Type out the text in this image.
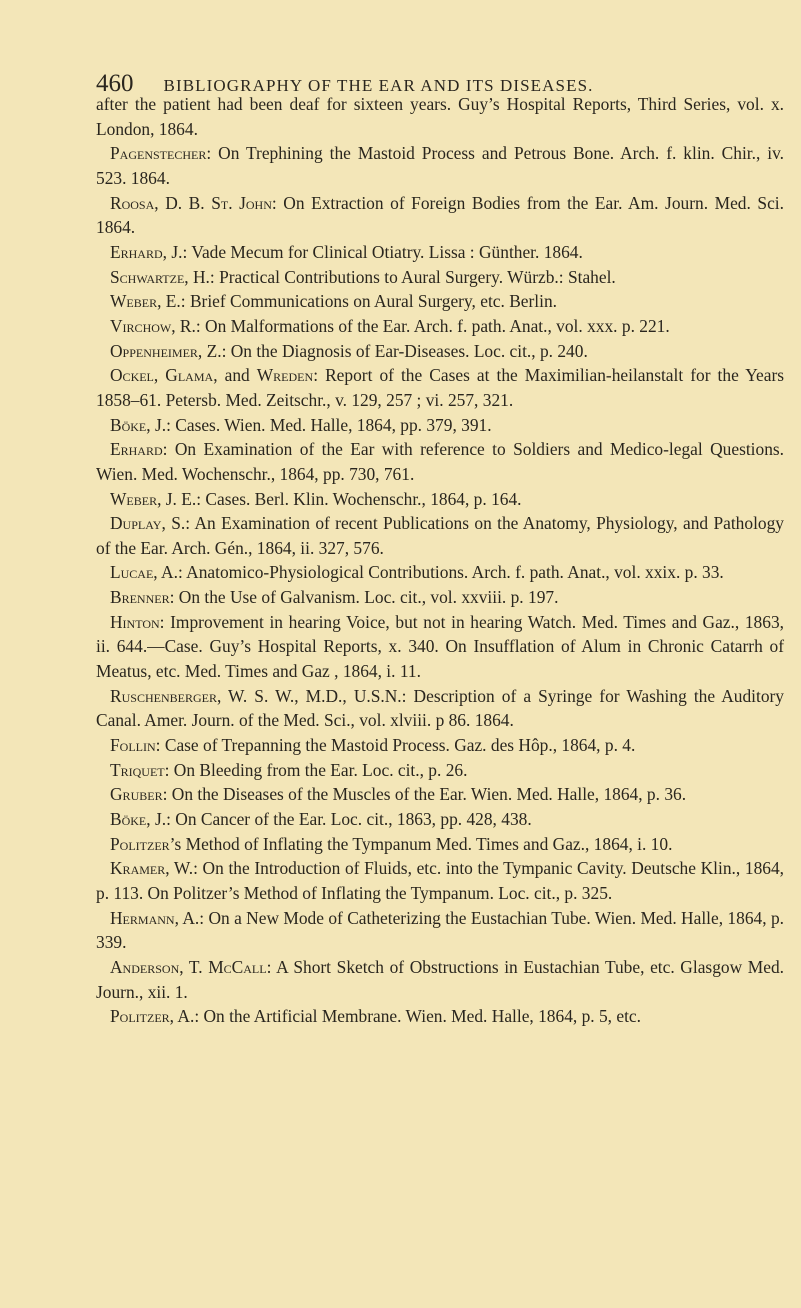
460 BIBLIOGRAPHY OF THE EAR AND ITS DISEASES.

after the patient had been deaf for sixteen years. Guy’s Hospital Reports, Third Series, vol. x. London, 1864.

Pagenstecher: On Trephining the Mastoid Process and Petrous Bone. Arch. f. klin. Chir., iv. 523. 1864.

Roosa, D. B. St. John: On Extraction of Foreign Bodies from the Ear. Am. Journ. Med. Sci. 1864.

Erhard, J.: Vade Mecum for Clinical Otiatry. Lissa : Günther. 1864.

Schwartze, H.: Practical Contributions to Aural Surgery. Würzb.: Stahel.

Weber, E.: Brief Communications on Aural Surgery, etc. Berlin.

Virchow, R.: On Malformations of the Ear. Arch. f. path. Anat., vol. xxx. p. 221.

Oppenheimer, Z.: On the Diagnosis of Ear-Diseases. Loc. cit., p. 240.

Ockel, Glama, and Wreden: Report of the Cases at the Maximilian-heilanstalt for the Years 1858–61. Petersb. Med. Zeitschr., v. 129, 257 ; vi. 257, 321.

Böke, J.: Cases. Wien. Med. Halle, 1864, pp. 379, 391.

Erhard: On Examination of the Ear with reference to Soldiers and Medico-legal Questions. Wien. Med. Wochenschr., 1864, pp. 730, 761.

Weber, J. E.: Cases. Berl. Klin. Wochenschr., 1864, p. 164.

Duplay, S.: An Examination of recent Publications on the Anatomy, Physiology, and Pathology of the Ear. Arch. Gén., 1864, ii. 327, 576.

Lucae, A.: Anatomico-Physiological Contributions. Arch. f. path. Anat., vol. xxix. p. 33.

Brenner: On the Use of Galvanism. Loc. cit., vol. xxviii. p. 197.

Hinton: Improvement in hearing Voice, but not in hearing Watch. Med. Times and Gaz., 1863, ii. 644.—Case. Guy’s Hospital Reports, x. 340. On Insufflation of Alum in Chronic Catarrh of Meatus, etc. Med. Times and Gaz , 1864, i. 11.

Ruschenberger, W. S. W., M.D., U.S.N.: Description of a Syringe for Washing the Auditory Canal. Amer. Journ. of the Med. Sci., vol. xlviii. p 86. 1864.

Follin: Case of Trepanning the Mastoid Process. Gaz. des Hôp., 1864, p. 4.

Triquet: On Bleeding from the Ear. Loc. cit., p. 26.

Gruber: On the Diseases of the Muscles of the Ear. Wien. Med. Halle, 1864, p. 36.

Böke, J.: On Cancer of the Ear. Loc. cit., 1863, pp. 428, 438.

Politzer’s Method of Inflating the Tympanum Med. Times and Gaz., 1864, i. 10.

Kramer, W.: On the Introduction of Fluids, etc. into the Tympanic Cavity. Deutsche Klin., 1864, p. 113. On Politzer’s Method of Inflating the Tympanum. Loc. cit., p. 325.

Hermann, A.: On a New Mode of Catheterizing the Eustachian Tube. Wien. Med. Halle, 1864, p. 339.

Anderson, T. McCall: A Short Sketch of Obstructions in Eustachian Tube, etc. Glasgow Med. Journ., xii. 1.

Politzer, A.: On the Artificial Membrane. Wien. Med. Halle, 1864, p. 5, etc.
